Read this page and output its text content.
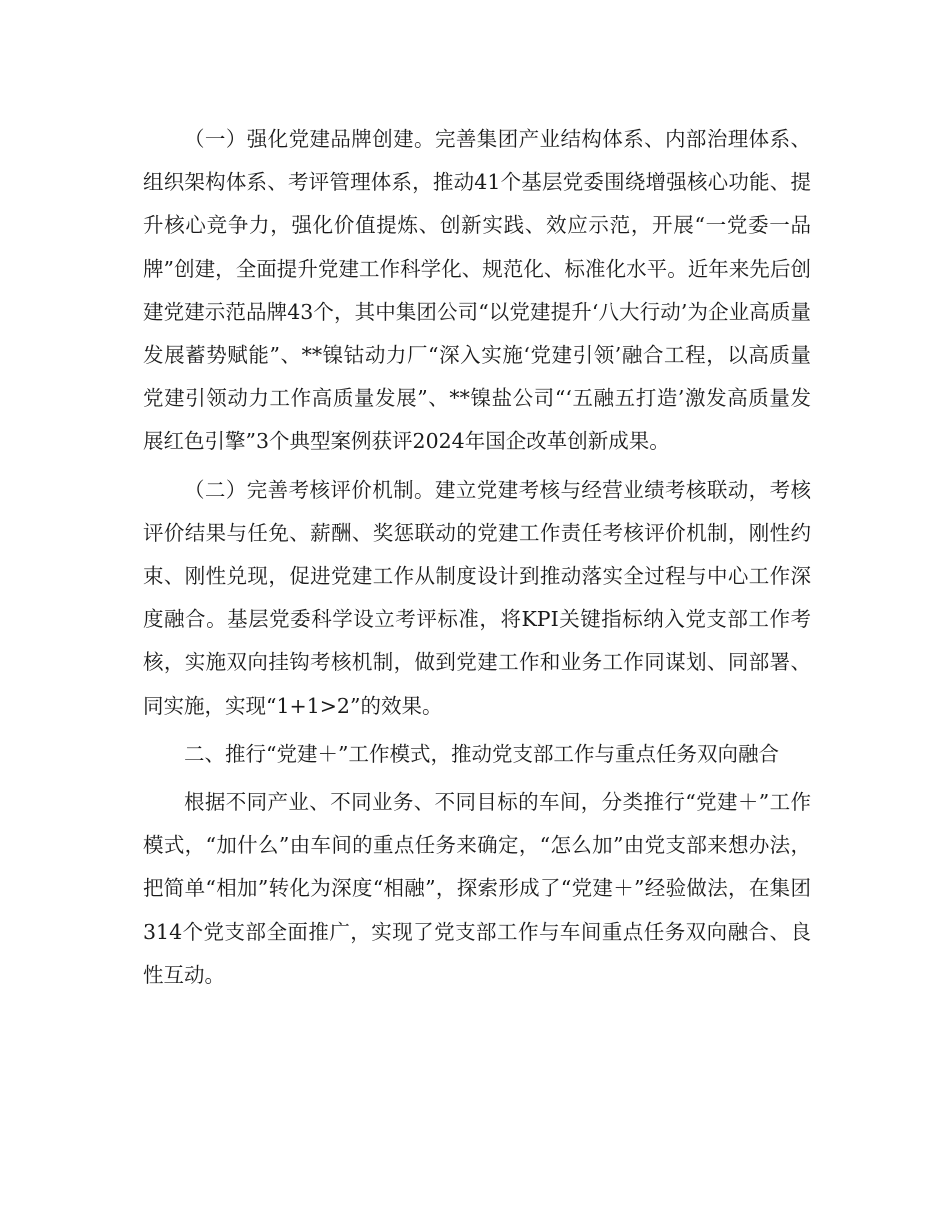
（一）强化党建品牌创建。完善集团产业结构体系、内部治理体系、组织架构体系、考评管理体系，推动41个基层党委围绕增强核心功能、提升核心竞争力，强化价值提炼、创新实践、效应示范，开展“一党委一品牌”创建，全面提升党建工作科学化、规范化、标准化水平。近年来先后创建党建示范品牌43个，其中集团公司“以党建提升‘八大行动’为企业高质量发展蓄势赋能”、**镍钴动力厂“深入实施‘党建引领’融合工程，以高质量党建引领动力工作高质量发展”、**镍盐公司“‘五融五打造’激发高质量发展红色引擎”3个典型案例获评2024年国企改革创新成果。

（二）完善考核评价机制。建立党建考核与经营业绩考核联动，考核评价结果与任免、薪酬、奖惩联动的党建工作责任考核评价机制，刚性约束、刚性兑现，促进党建工作从制度设计到推动落实全过程与中心工作深度融合。基层党委科学设立考评标准，将KPI关键指标纳入党支部工作考核，实施双向挂钩考核机制，做到党建工作和业务工作同谋划、同部署、同实施，实现“1+1>2”的效果。

二、推行“党建＋”工作模式，推动党支部工作与重点任务双向融合

根据不同产业、不同业务、不同目标的车间，分类推行“党建＋”工作模式，“加什么”由车间的重点任务来确定，“怎么加”由党支部来想办法，把简单“相加”转化为深度“相融”，探索形成了“党建＋”经验做法，在集团314个党支部全面推广，实现了党支部工作与车间重点任务双向融合、良性互动。
